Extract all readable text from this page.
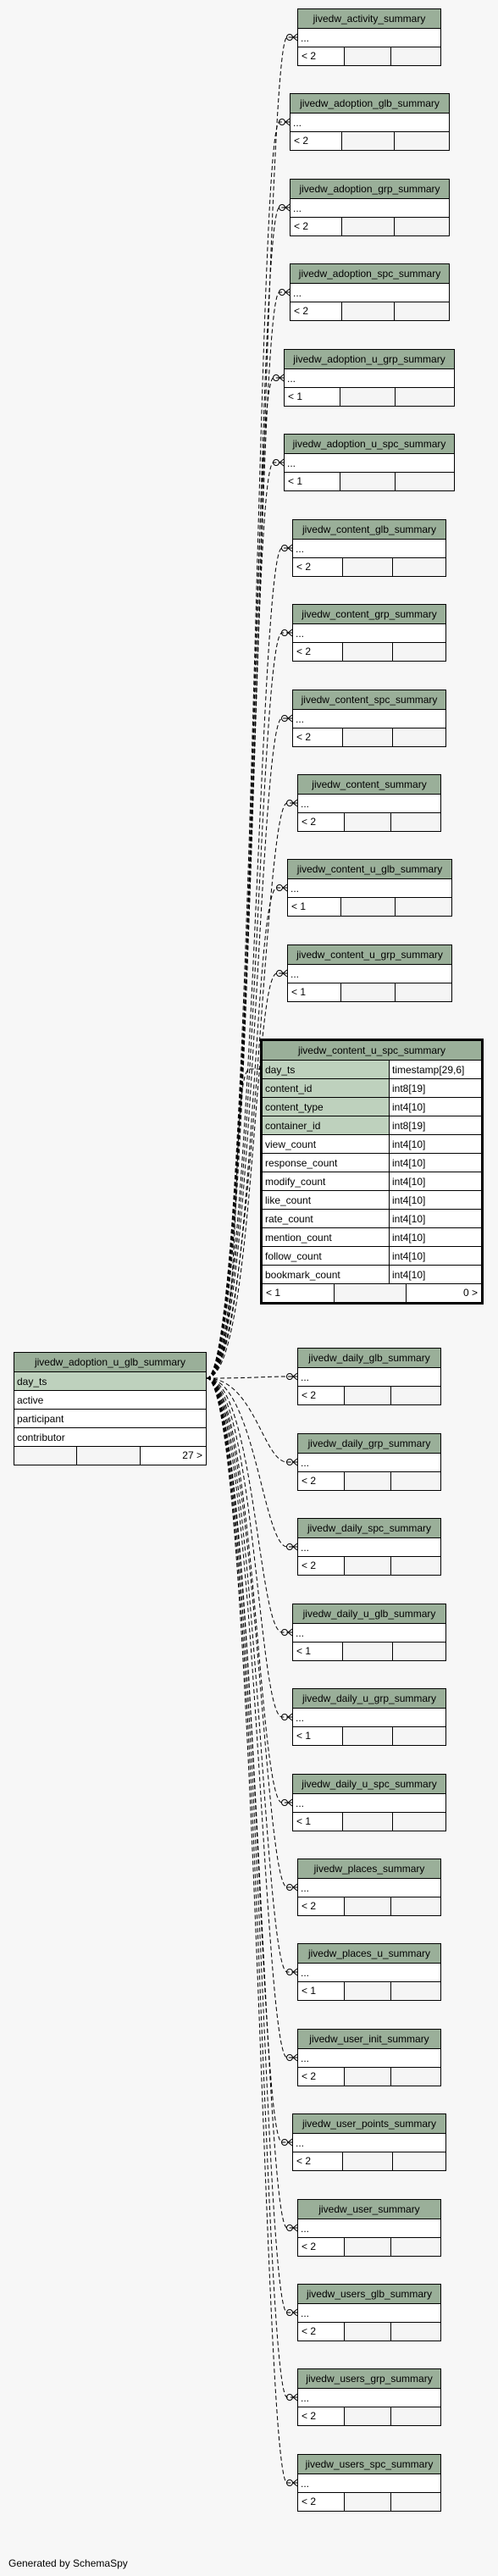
jivedw_adoption_u_glb_summary
day_ts
active
participant
contributor
27 >
jivedw_content_u_spc_summary
day_ts	timestamp[29,6]
content_id	int8[19]
content_type	int4[10]
container_id	int8[19]
view_count	int4[10]
response_count	int4[10]
modify_count	int4[10]
like_count	int4[10]
rate_count	int4[10]
mention_count	int4[10]
follow_count	int4[10]
bookmark_count	int4[10]
< 1	0 >
jivedw_activity_summary
...
< 2
jivedw_adoption_glb_summary
...
< 2
jivedw_adoption_grp_summary
...
< 2
jivedw_adoption_spc_summary
...
< 2
jivedw_adoption_u_grp_summary
...
< 1
jivedw_adoption_u_spc_summary
...
< 1
jivedw_content_glb_summary
...
< 2
jivedw_content_grp_summary
...
< 2
jivedw_content_spc_summary
...
< 2
jivedw_content_summary
...
< 2
jivedw_content_u_glb_summary
...
< 1
jivedw_content_u_grp_summary
...
< 1
jivedw_daily_glb_summary
...
< 2
jivedw_daily_grp_summary
...
< 2
jivedw_daily_spc_summary
...
< 2
jivedw_daily_u_glb_summary
...
< 1
jivedw_daily_u_grp_summary
...
< 1
jivedw_daily_u_spc_summary
...
< 1
jivedw_places_summary
...
< 2
jivedw_places_u_summary
...
< 1
jivedw_user_init_summary
...
< 2
jivedw_user_points_summary
...
< 2
jivedw_user_summary
...
< 2
jivedw_users_glb_summary
...
< 2
jivedw_users_grp_summary
...
< 2
jivedw_users_spc_summary
...
< 2
Generated by SchemaSpy
